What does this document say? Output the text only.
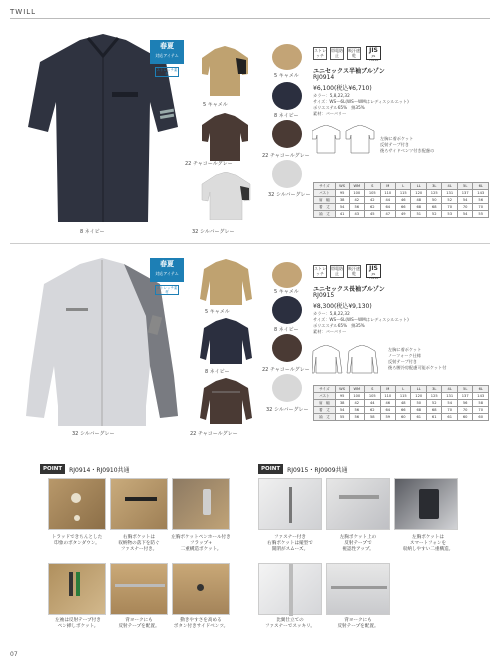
TWILL
春夏
対応アイテム
ストレッチ素材
8 ネイビー
5 キャメル
22 チャコールグレー
32 シルバーグレー
5 キャメル
8 ネイビー
22 チャコールグレー
32 シルバーグレー
ストレッチ
帯電防止
吸汗速乾
JIS
JIS T8118
ユニセックス半袖ブルゾン
RJ0914
¥6,100(税込¥6,710)
カラー：5,8,22,32
サイズ：WS〜6L(WS〜WMはレディスシルエット)
ポリエステル65%　綿35%
素材：バーバリー
左胸に着ポケット
反射テープ付き
後ろサイドベンツ付き配慮の
サイズ	WS	WM	S	M	L	LL	3L	4L	5L	6L
バスト	95	100	105	110	115	120	125	131	137	143
肩　幅	38	42	42	44	46	48	50	52	54	56
着　丈	54	56	62	64	66	68	68	70	70	70
袖　丈	41	43	45	47	49	51	52	53	54	55
春夏
対応アイテム
ストレッチ素材
32 シルバーグレー
5 キャメル
8 ネイビー
22 チャコールグレー
5 キャメル
8 ネイビー
22 チャコールグレー
32 シルバーグレー
ストレッチ
帯電防止
吸汗速乾
JIS
JIS T8118
ユニセックス長袖ブルゾン
RJ0915
¥8,300(税込¥9,130)
カラー：5,8,22,32
サイズ：WS〜6L(WS〜WMはレディスシルエット)
ポリエステル65%　綿35%
素材：バーバリー
左胸に着ポケット
ノーフォーク仕様
反射テープ付き
後ろ腰冷房配慮可能ポケット付
サイズ	WS	WM	S	M	L	LL	3L	4L	5L	6L
バスト	95	100	105	110	115	120	125	131	137	143
肩　幅	38	42	44	46	48	50	52	54	56	58
着　丈	54	56	62	64	66	68	68	70	70	70
袖　丈	55	56	58	59	60	61	61	61	60	60
POINT	RJ0914・RJ0910共通	POINT	RJ0915・RJ0909共通
トラッドできちんとした
印象のボタンダウン。
右胸ポケットは
収納物の落下を防ぐ
ファスナー付き。
左胸ポケットペンホール付き
フラップ+
二重構造ポケット。
左袖は反射テープ付き
ペン挿しポケット。
背ヨークにも
反射テープを配置。
動きやすさを高める
ボタン付きサイドベンツ。
ファスナー付き
右胸ポケットは縦型で
開閉がスムーズ。
左胸ポケット上の
反射テープで
視認性アップ。
左胸ポケットは
スマートフォンを
収納しやすい二重構造。
比翼仕立ての
ファスナーでスッキリ。
背ヨークにも
反射テープを配置。
07
